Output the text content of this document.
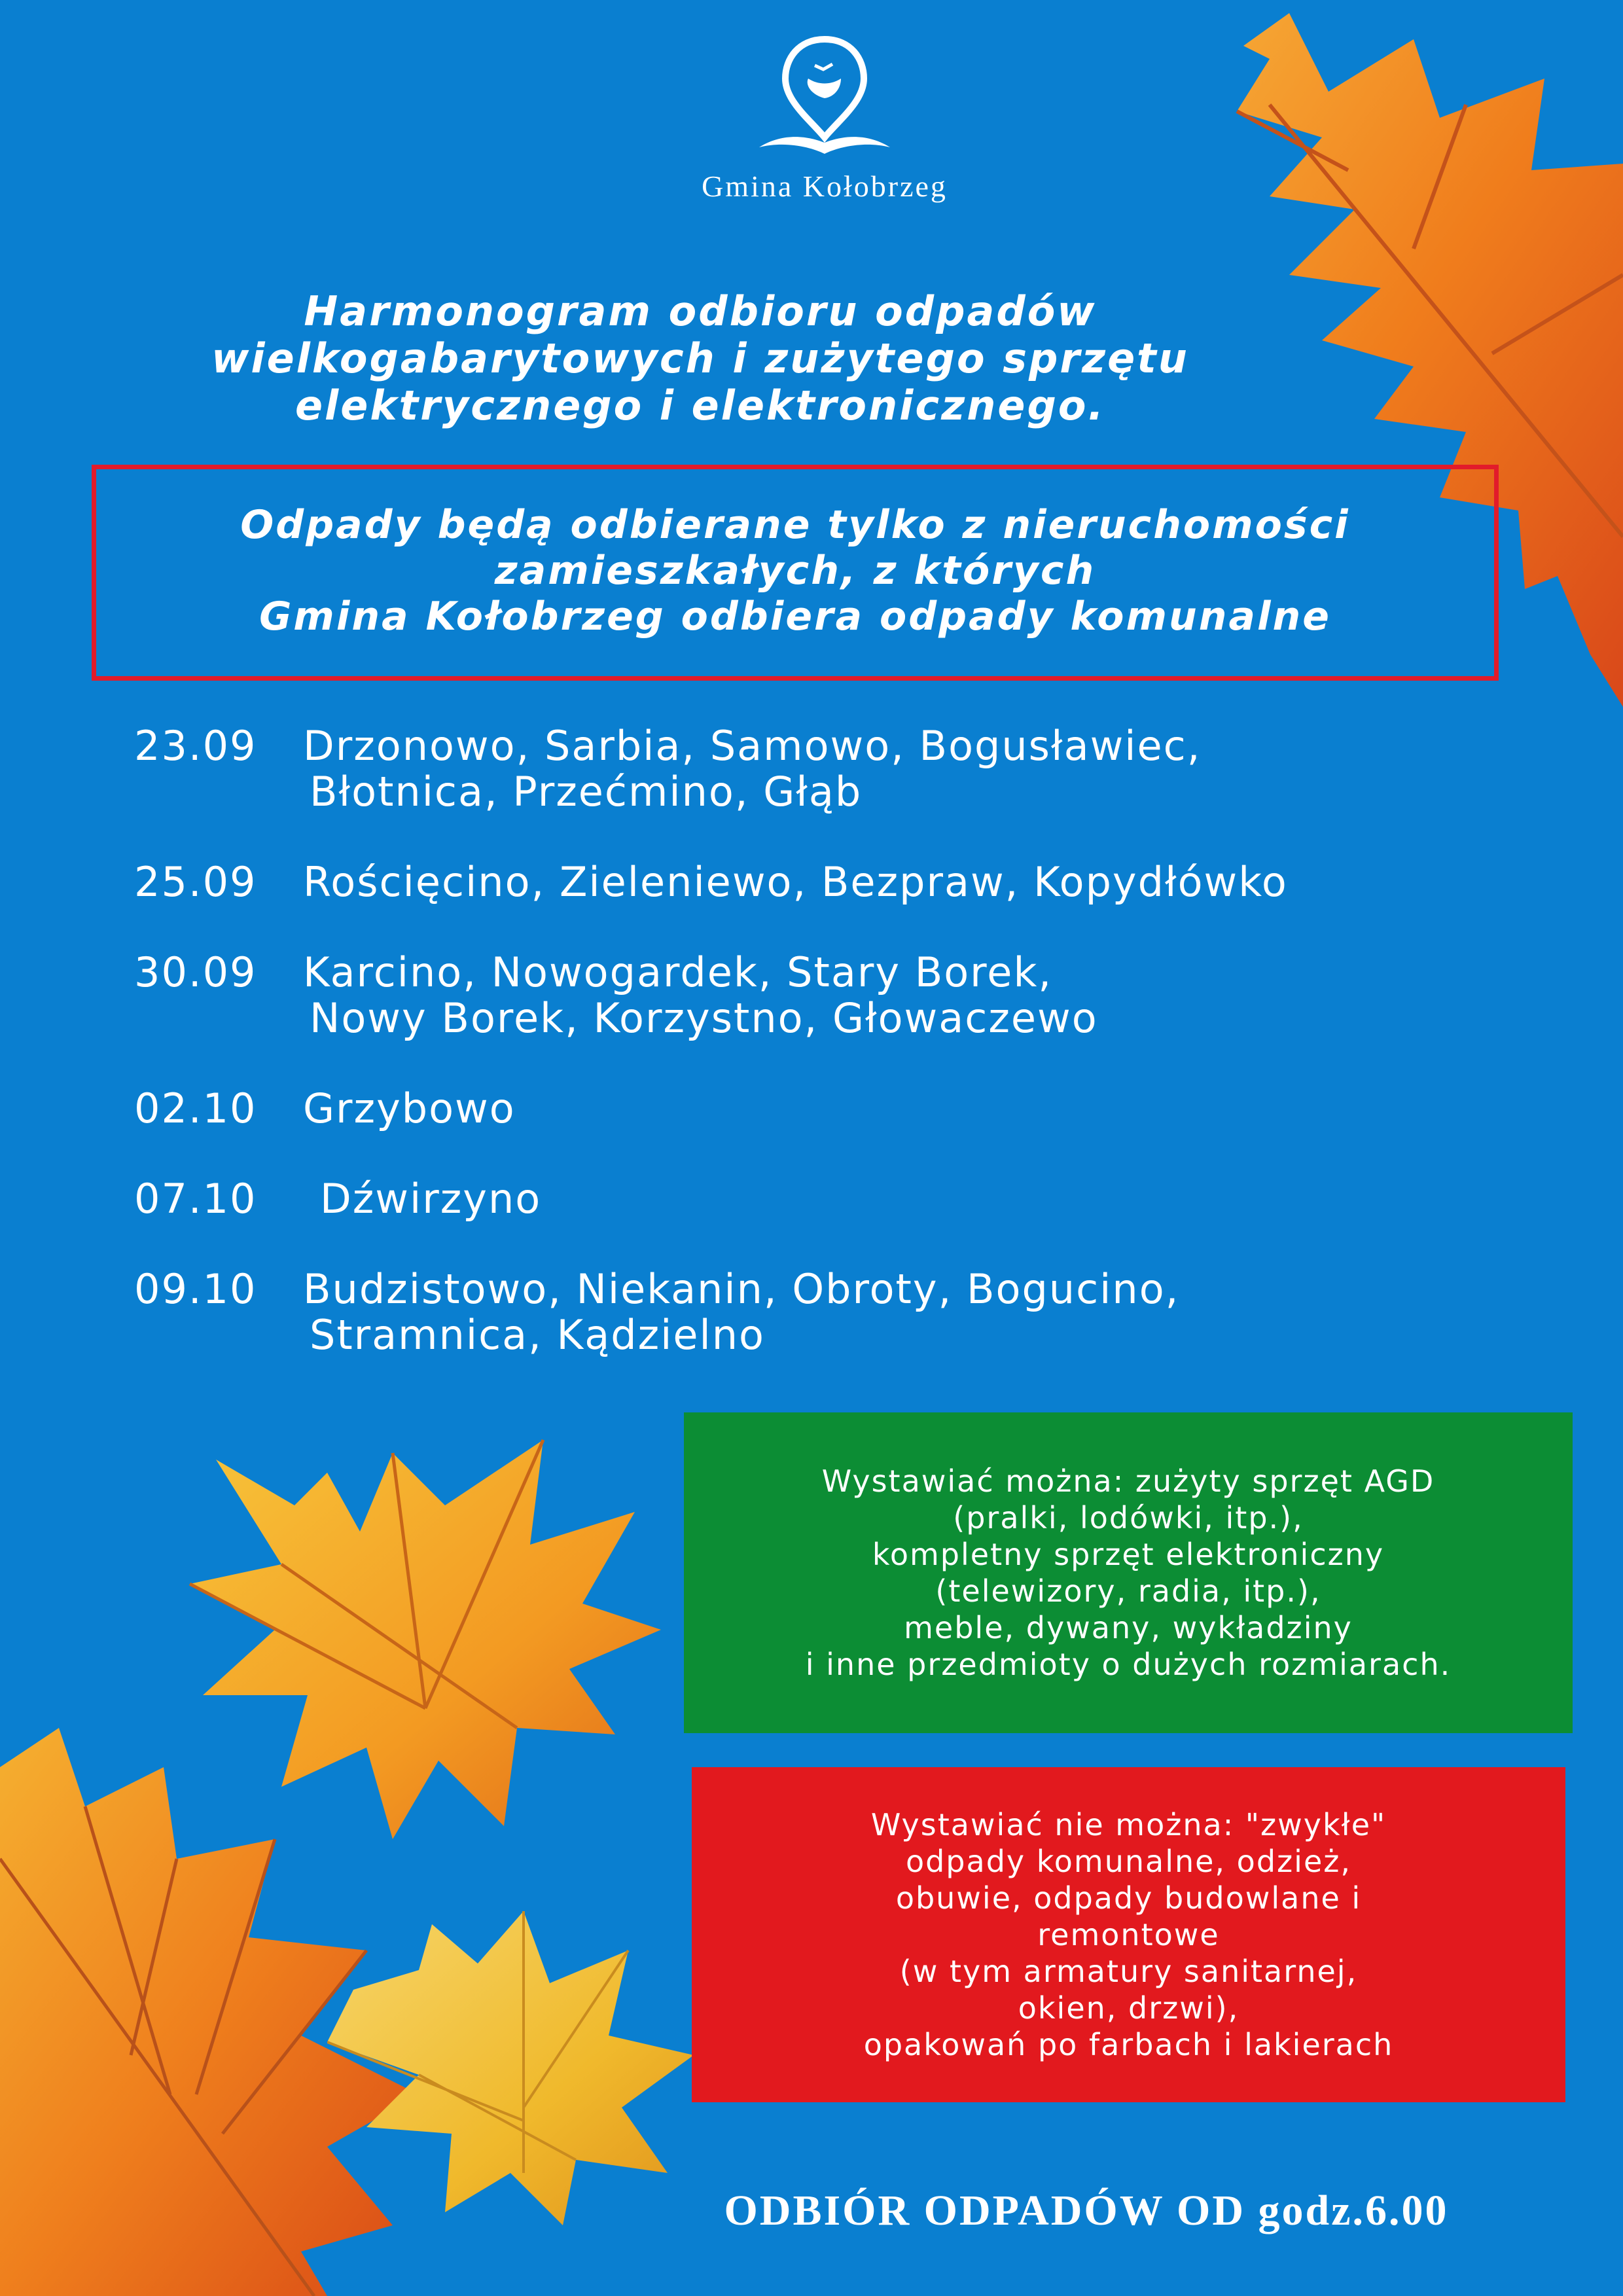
Gmina Kołobrzeg
Harmonogram odbioru odpadów
wielkogabarytowych i zużytego sprzętu
elektrycznego i elektronicznego.
Odpady będą odbierane tylko z nieruchomości
zamieszkałych, z których
Gmina Kołobrzeg odbiera odpady komunalne
23.09 Drzonowo, Sarbia, Samowo, Bogusławiec,
Błotnica, Przećmino, Głąb
25.09 Rościęcino, Zieleniewo, Bezpraw, Kopydłówko
30.09 Karcino, Nowogardek, Stary Borek,
Nowy Borek, Korzystno, Głowaczewo
02.10 Grzybowo
07.10 Dźwirzyno
09.10 Budzistowo, Niekanin, Obroty, Bogucino,
Stramnica, Kądzielno
Wystawiać można: zużyty sprzęt AGD
(pralki, lodówki, itp.),
kompletny sprzęt elektroniczny
(telewizory, radia, itp.),
meble, dywany, wykładziny
i inne przedmioty o dużych rozmiarach.
Wystawiać nie można: "zwykłe"
odpady komunalne, odzież,
obuwie, odpady budowlane i
remontowe
(w tym armatury sanitarnej,
okien, drzwi),
opakowań po farbach i lakierach
ODBIÓR ODPADÓW OD godz.6.00
